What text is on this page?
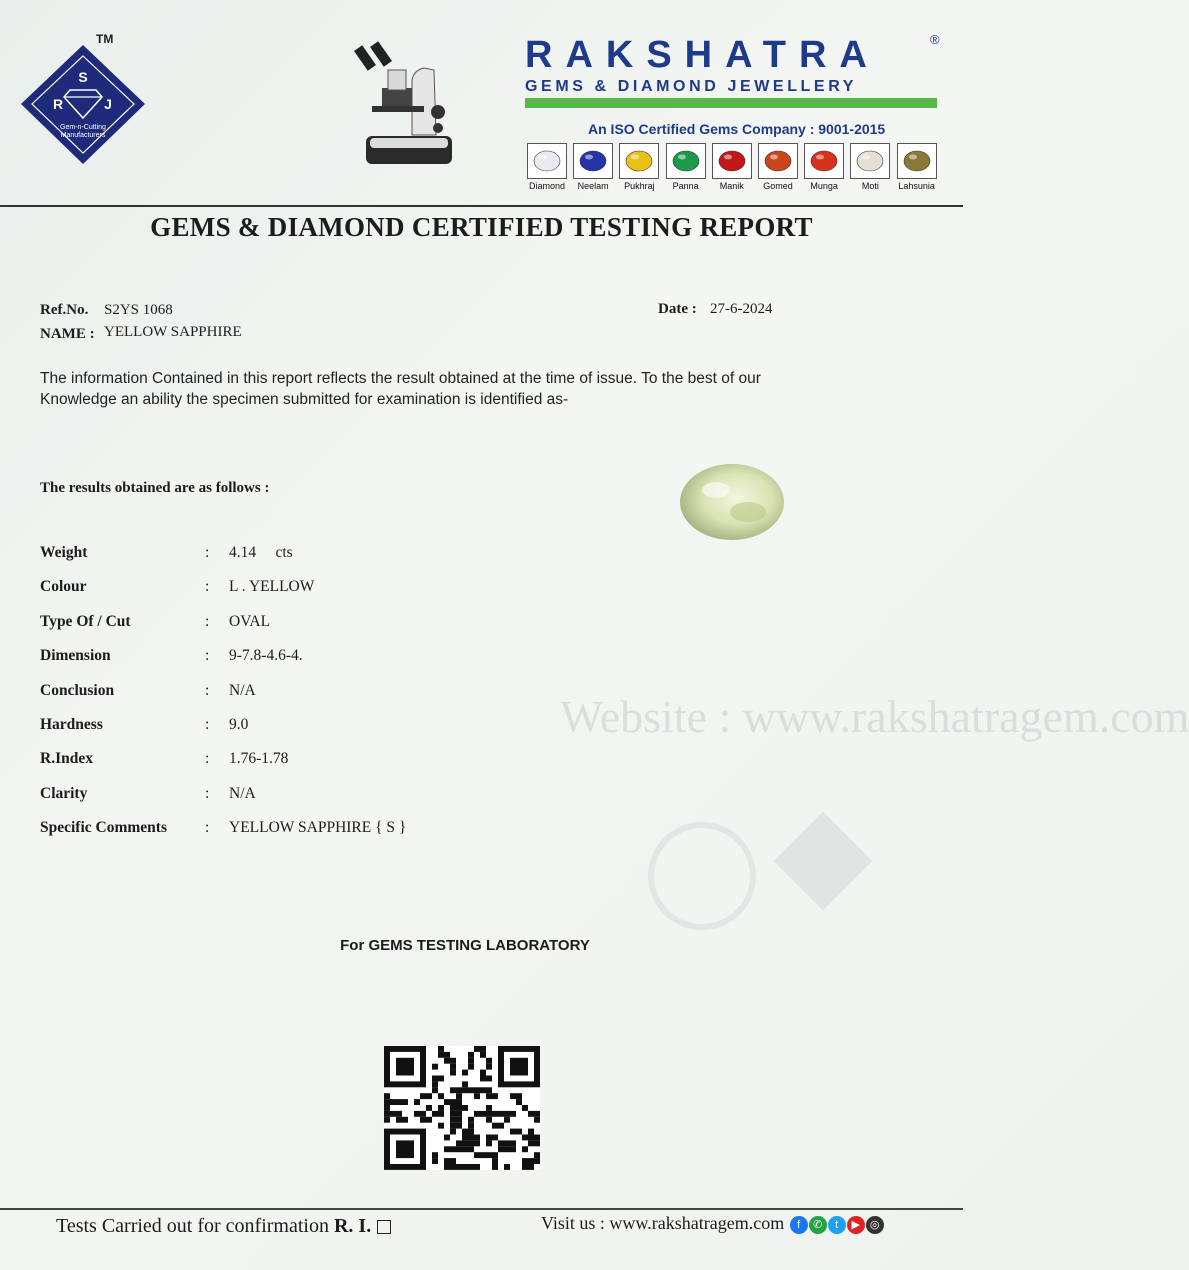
S
R	J
Gem-n-Cutting
Manufacturers
TM	RAKSHATRA	®
GEMS & DIAMOND JEWELLERY
An ISO Certified Gems Company : 9001-2015
Diamond	Neelam	Pukhraj	Panna	Manik	Gomed	Munga	Moti	Lahsunia
GEMS & DIAMOND CERTIFIED TESTING REPORT
Ref.No. S2YS 1068
NAME : YELLOW SAPPHIRE
Date : 27-6-2024
The information Contained in this report reflects the result obtained at the time of issue. To the best of our
Knowledge an ability the specimen submitted for examination is identified as-
The results obtained are as follows :
Weight	: 4.14     cts
Colour	: L . YELLOW
Type Of / Cut	: OVAL
Dimension	: 9-7.8-4.6-4.
Conclusion	: N/A
Hardness	: 9.0
R.Index	: 1.76-1.78
Clarity	: N/A
Specific Comments : YELLOW SAPPHIRE { S }
Website : www.rakshatragem.com
For GEMS TESTING LABORATORY
Tests Carried out for confirmation R. I.	Visit us : www.rakshatragem.com f ✆ t ▶ ◎
